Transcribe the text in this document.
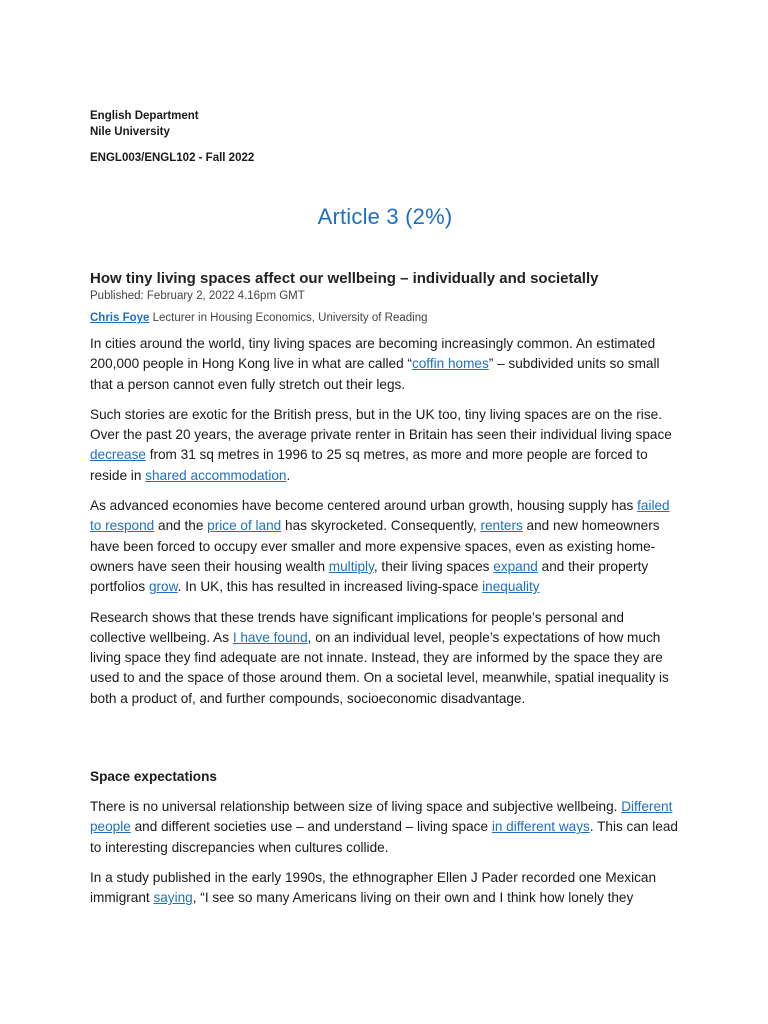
English Department
Nile University
ENGL003/ENGL102 - Fall 2022
Article 3 (2%)
How tiny living spaces affect our wellbeing – individually and societally
Published: February 2, 2022 4.16pm GMT
Chris Foye Lecturer in Housing Economics, University of Reading

In cities around the world, tiny living spaces are becoming increasingly common. An estimated 200,000 people in Hong Kong live in what are called “coffin homes” – subdivided units so small that a person cannot even fully stretch out their legs.

Such stories are exotic for the British press, but in the UK too, tiny living spaces are on the rise. Over the past 20 years, the average private renter in Britain has seen their individual living space decrease from 31 sq metres in 1996 to 25 sq metres, as more and more people are forced to reside in shared accommodation.

As advanced economies have become centered around urban growth, housing supply has failed to respond and the price of land has skyrocketed. Consequently, renters and new homeowners have been forced to occupy ever smaller and more expensive spaces, even as existing home-owners have seen their housing wealth multiply, their living spaces expand and their property portfolios grow. In UK, this has resulted in increased living-space inequality

Research shows that these trends have significant implications for people’s personal and collective wellbeing. As I have found, on an individual level, people’s expectations of how much living space they find adequate are not innate. Instead, they are informed by the space they are used to and the space of those around them. On a societal level, meanwhile, spatial inequality is both a product of, and further compounds, socioeconomic disadvantage.

Space expectations

There is no universal relationship between size of living space and subjective wellbeing. Different people and different societies use – and understand – living space in different ways. This can lead to interesting discrepancies when cultures collide.

In a study published in the early 1990s, the ethnographer Ellen J Pader recorded one Mexican immigrant saying, “I see so many Americans living on their own and I think how lonely they
